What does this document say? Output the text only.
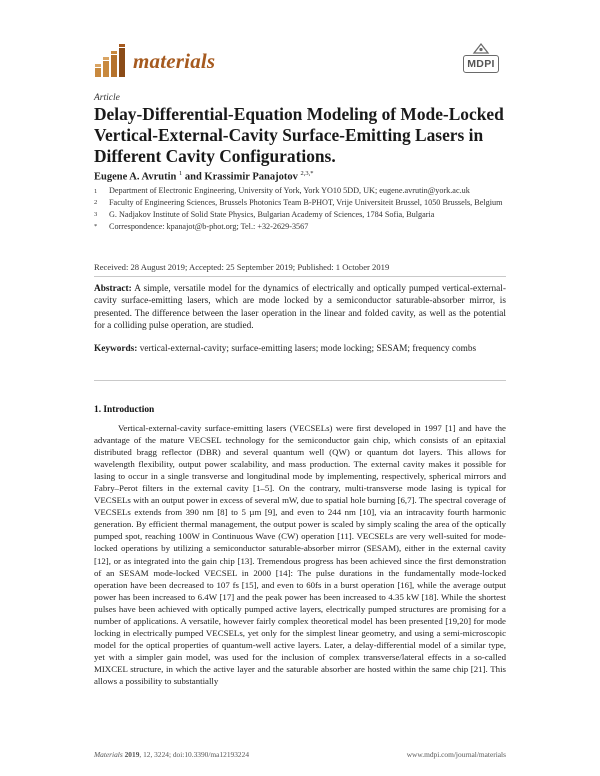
materials	MDPI
Article
Delay-Differential-Equation Modeling of Mode-Locked Vertical-External-Cavity Surface-Emitting Lasers in Different Cavity Configurations.
Eugene A. Avrutin $^1$ and Krassimir Panajotov $^{2,3,*}$
1	Department of Electronic Engineering, University of York, York YO10 5DD, UK; eugene.avrutin@york.ac.uk
2	Faculty of Engineering Sciences, Brussels Photonics Team B-PHOT, Vrije Universiteit Brussel, 1050 Brussels, Belgium
3	G. Nadjakov Institute of Solid State Physics, Bulgarian Academy of Sciences, 1784 Sofia, Bulgaria
*	Correspondence: kpanajot@b-phot.org; Tel.: +32-2629-3567
Received: 28 August 2019; Accepted: 25 September 2019; Published: 1 October 2019

Abstract: A simple, versatile model for the dynamics of electrically and optically pumped vertical-external-cavity surface-emitting lasers, which are mode locked by a semiconductor saturable-absorber mirror, is presented. The difference between the laser operation in the linear and folded cavity, as well as the potential for a colliding pulse operation, are studied.

Keywords: vertical-external-cavity; surface-emitting lasers; mode locking; SESAM; frequency combs

1. Introduction

Vertical-external-cavity surface-emitting lasers (VECSELs) were first developed in 1997 [1] and have the advantage of the mature VECSEL technology for the semiconductor gain chip, which consists of an epitaxial distributed bragg reflector (DBR) and several quantum well (QW) or quantum dot layers. This allows for wavelength flexibility, output power scalability, and mass production. The external cavity makes it possible for lasing to occur in a single transverse and longitudinal mode by implementing, respectively, spherical mirrors and Fabry–Perot filters in the external cavity [1–5]. On the contrary, multi-transverse mode lasing is typical for VECSELs with an output power in excess of several mW, due to spatial hole burning [6,7]. The spectral coverage of VECSELs extends from 390 nm [8] to 5 µm [9], and even to 244 nm [10], via an intracavity fourth harmonic generation. By efficient thermal management, the output power is scaled by simply scaling the area of the optically pumped spot, reaching 100W in Continuous Wave (CW) operation [11]. VECSELs are very well-suited for mode-locked operations by utilizing a semiconductor saturable-absorber mirror (SESAM), either in the external cavity [12], or as integrated into the gain chip [13]. Tremendous progress has been achieved since the first demonstration of an SESAM mode-locked VECSEL in 2000 [14]: The pulse durations in the fundamentally mode-locked operation have been decreased to 107 fs [15], and even to 60fs in a burst operation [16], while the average output power has been increased to 6.4W [17] and the peak power has been increased to 4.35 kW [18]. While the shortest pulses have been achieved with optically pumped active layers, electrically pumped structures are promising for a number of applications. A versatile, however fairly complex theoretical model has been presented [19,20] for mode locking in electrically pumped VECSELs, yet only for the simplest linear geometry, and using a semi-microscopic model for the optical properties of quantum-well active layers. Later, a delay-differential model of a similar type, yet with a simpler gain model, was used for the inclusion of complex transverse/lateral effects in a so-called MIXCEL structure, in which the active layer and the saturable absorber are hosted within the same chip [21]. This allows a possibility to substantially

Materials 2019, 12, 3224; doi:10.3390/ma12193224	www.mdpi.com/journal/materials
